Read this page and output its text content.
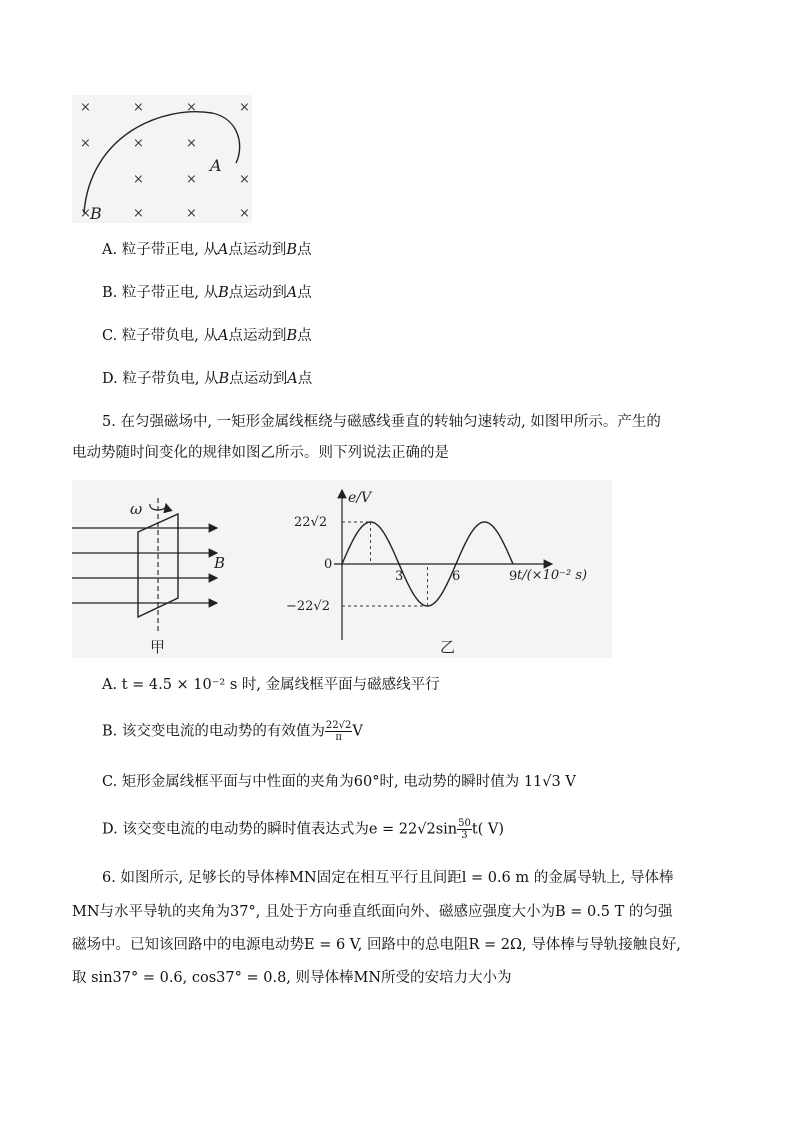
×	×	×	×
×	×	×
×	×	×
×	×	×	×
A
B
A. 粒子带正电, 从A点运动到B点
B. 粒子带正电, 从B点运动到A点
C. 粒子带负电, 从A点运动到B点
D. 粒子带负电, 从B点运动到A点
5. 在匀强磁场中, 一矩形金属线框绕与磁感线垂直的转轴匀速转动, 如图甲所示。产生的
电动势随时间变化的规律如图乙所示。则下列说法正确的是
ω
B
甲
e/V
t/(×10⁻² s)
0
22√2
−22√2
3	6	9
乙
A. t = 4.5 × 10⁻² s 时, 金属线框平面与磁感线平行
B. 该交变电流的电动势的有效值为 $\frac{22√2}{\pi}$ V
C. 矩形金属线框平面与中性面的夹角为60°时, 电动势的瞬时值为 11√3 V
D. 该交变电流的电动势的瞬时值表达式为$e = 22√2\sin \frac{50}{3} t$( V)
6. 如图所示, 足够长的导体棒MN固定在相互平行且间距l = 0.6 m 的金属导轨上, 导体棒
MN与水平导轨的夹角为37°, 且处于方向垂直纸面向外、磁感应强度大小为B = 0.5 T 的匀强
磁场中。已知该回路中的电源电动势E = 6 V, 回路中的总电阻R = 2Ω, 导体棒与导轨接触良好,
取 sin37° = 0.6, cos37° = 0.8, 则导体棒MN所受的安培力大小为
